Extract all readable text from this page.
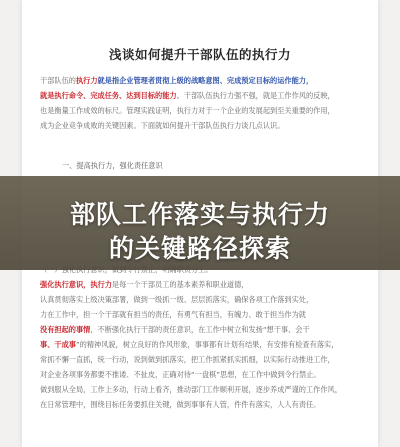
浅谈如何提升干部队伍的执行力
干部队伍的执行力就是指企业管理者贯彻上级的战略意图、完成预定目标的运作能力，
就是执行命令、完成任务、达到目标的能力。干部队伍执行力强不强，就是工作作风的反映，
也是衡量工作成效的标尺。管理实践证明，执行力对于一个企业的发展起到至关重要的作用，
成为企业竞争成败的关键因素。下面就如何提升干部队伍执行力谈几点认识。
一、提高执行力，强化责任意识
强化执行意识，执行力是每一个干部员工的基本素养和职业道德，
认真贯彻落实上级决策部署，做到一级抓一级、层层抓落实，确保各项工作落到实处，
力在工作中，担一个干部就有担当的责任，有勇气有担当，有魄力、敢于担当作为就
没有担起的事情，不断强化执行干部的责任意识，在工作中树立和发扬“想干事、会干
事、干成事”的精神风貌，树立良好的作风形象，事事都有计划有结果，有安排有检查有落实，
常抓不懈一直抓，统一行动，说到做到抓落实，把工作抓紧抓实抓细，以实际行动推进工作，
对企业各项事务都要不推诿、不扯皮，正确对待“一盘棋”思想，在工作中做到令行禁止。
做到服从全局，工作上多动，行动上看齐，推动部门工作顺利开展，逐步养成严谨的工作作风，
在日常管理中，围绕目标任务要抓住关键，做到事事有人管，件件有落实，人人有责任。
部队工作落实与执行力
的关键路径探索
